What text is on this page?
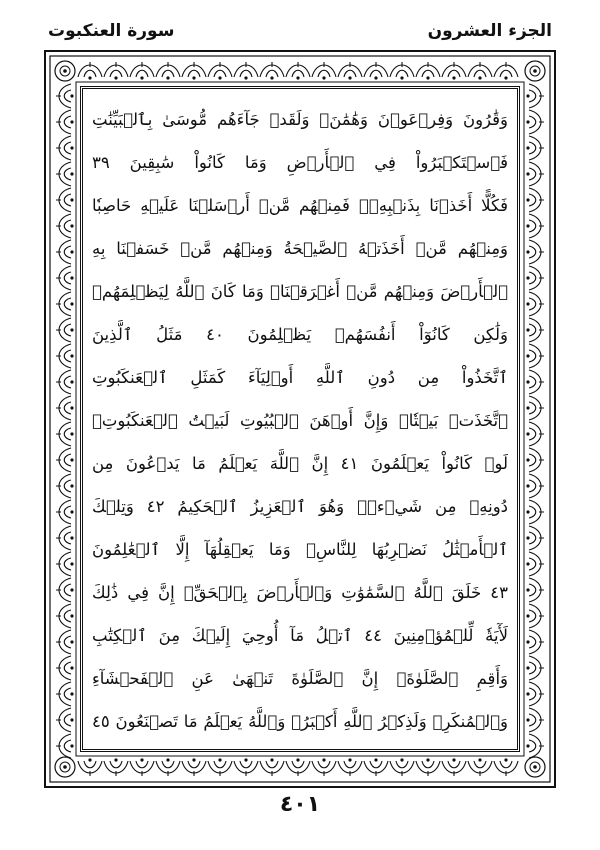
الجزء العشرون
سورة العنكبوت
وَقَٰرُونَ وَفِرۡعَوۡنَ وَهَٰمَٰنَۖ وَلَقَدۡ جَآءَهُم مُّوسَىٰ بِٱلۡبَيِّنَٰتِ
فَٱسۡتَكۡبَرُواْ فِي ٱلۡأَرۡضِ وَمَا كَانُواْ سَٰبِقِينَ ٣٩
فَكُلًّا أَخَذۡنَا بِذَنۢبِهِۦۖ فَمِنۡهُم مَّنۡ أَرۡسَلۡنَا عَلَيۡهِ حَاصِبٗا
وَمِنۡهُم مَّنۡ أَخَذَتۡهُ ٱلصَّيۡحَةُ وَمِنۡهُم مَّنۡ خَسَفۡنَا بِهِ
ٱلۡأَرۡضَ وَمِنۡهُم مَّنۡ أَغۡرَقۡنَاۚ وَمَا كَانَ ٱللَّهُ لِيَظۡلِمَهُمۡ
وَلَٰكِن كَانُوٓاْ أَنفُسَهُمۡ يَظۡلِمُونَ ٤٠ مَثَلُ ٱلَّذِينَ
ٱتَّخَذُواْ مِن دُونِ ٱللَّهِ أَوۡلِيَآءَ كَمَثَلِ ٱلۡعَنكَبُوتِ
ٱتَّخَذَتۡ بَيۡتٗاۖ وَإِنَّ أَوۡهَنَ ٱلۡبُيُوتِ لَبَيۡتُ ٱلۡعَنكَبُوتِۚ
لَوۡ كَانُواْ يَعۡلَمُونَ ٤١ إِنَّ ٱللَّهَ يَعۡلَمُ مَا يَدۡعُونَ مِن
دُونِهِۦ مِن شَيۡءٖۚ وَهُوَ ٱلۡعَزِيزُ ٱلۡحَكِيمُ ٤٢ وَتِلۡكَ
ٱلۡأَمۡثَٰلُ نَضۡرِبُهَا لِلنَّاسِۖ وَمَا يَعۡقِلُهَآ إِلَّا ٱلۡعَٰلِمُونَ
٤٣ خَلَقَ ٱللَّهُ ٱلسَّمَٰوَٰتِ وَٱلۡأَرۡضَ بِٱلۡحَقِّۚ إِنَّ فِي ذَٰلِكَ
لَأٓيَةٗ لِّلۡمُؤۡمِنِينَ ٤٤ ٱتۡلُ مَآ أُوحِيَ إِلَيۡكَ مِنَ ٱلۡكِتَٰبِ
وَأَقِمِ ٱلصَّلَوٰةَۖ إِنَّ ٱلصَّلَوٰةَ تَنۡهَىٰ عَنِ ٱلۡفَحۡشَآءِ
وَٱلۡمُنكَرِۗ وَلَذِكۡرُ ٱللَّهِ أَكۡبَرُۗ وَٱللَّهُ يَعۡلَمُ مَا تَصۡنَعُونَ ٤٥
٤٠١
